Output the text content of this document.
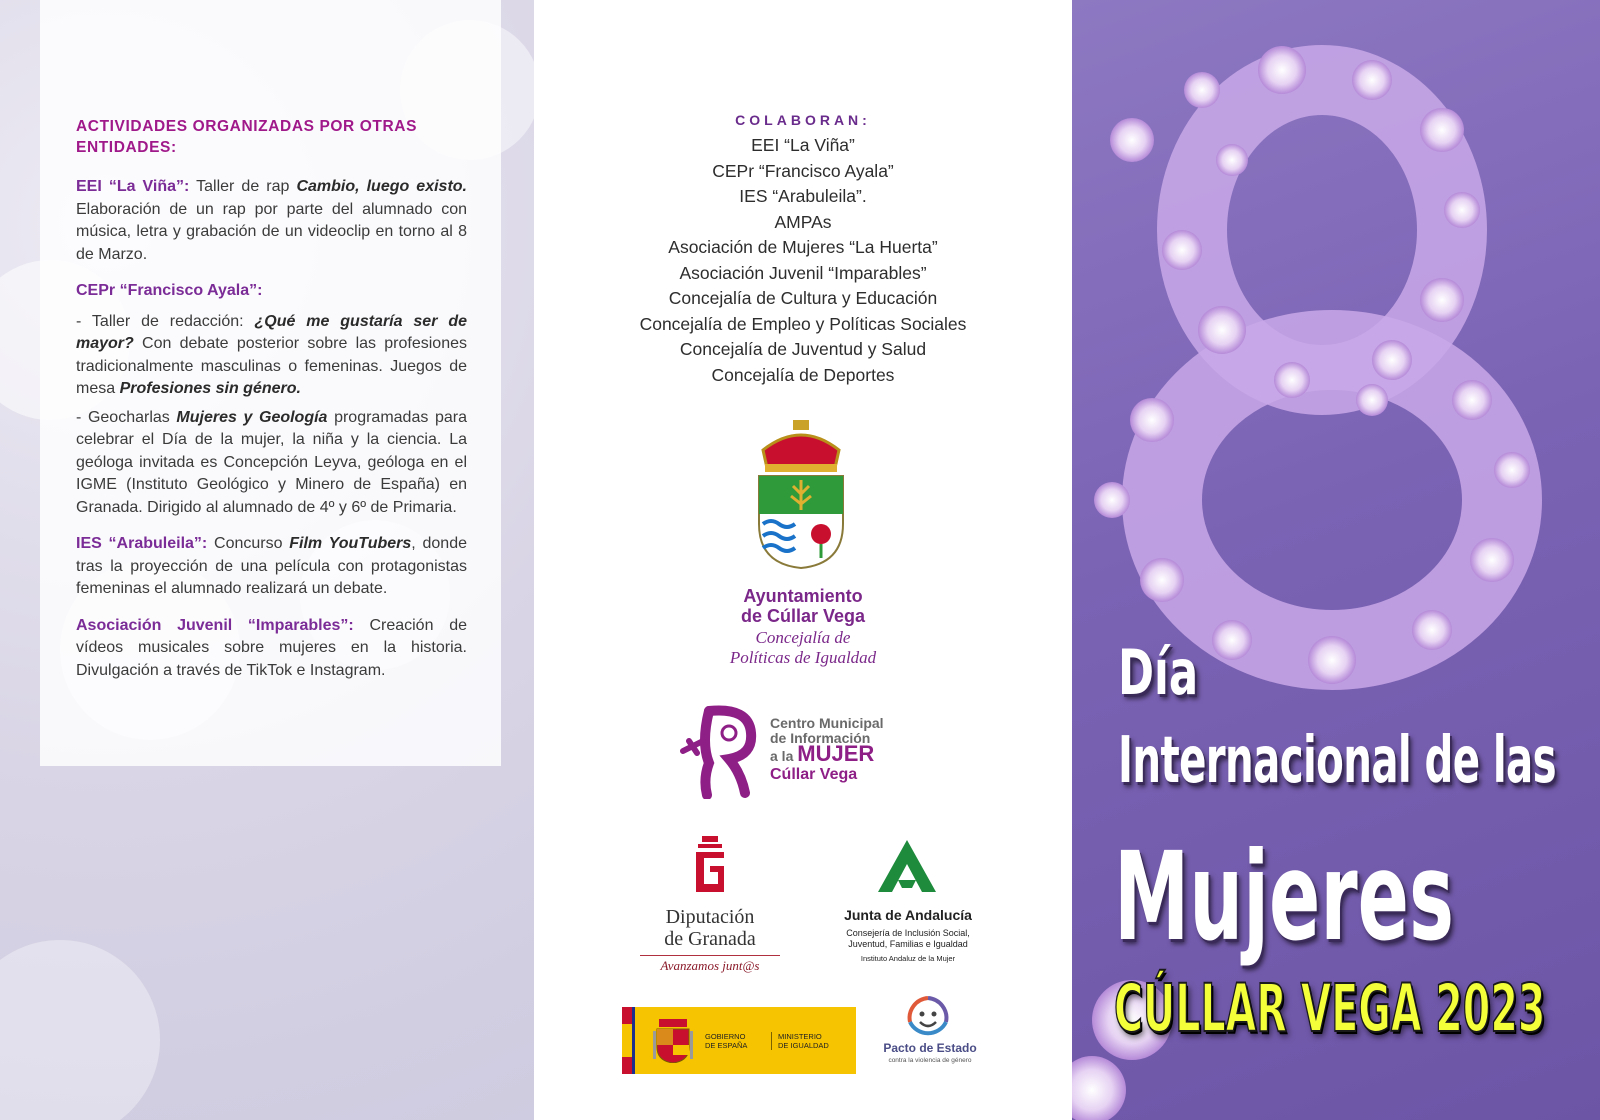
ACTIVIDADES ORGANIZADAS POR OTRAS ENTIDADES:

EEI “La Viña”: Taller de rap Cambio, luego existo. Elaboración de un rap por parte del alumnado con música, letra y grabación de un videoclip en torno al 8 de Marzo.

CEPr “Francisco Ayala”:

- Taller de redacción: ¿Qué me gustaría ser de mayor? Con debate posterior sobre las profesiones tradicionalmente masculinas o femeninas. Juegos de mesa Profesiones sin género.

- Geocharlas Mujeres y Geología programadas para celebrar el Día de la mujer, la niña y la ciencia. La geóloga invitada es Concepción Leyva, geóloga en el IGME (Instituto Geológico y Minero de España) en Granada. Dirigido al alumnado de 4º y 6º de Primaria.

IES “Arabuleila”: Concurso Film YouTubers, donde tras la proyección de una película con protagonistas femeninas el alumnado realizará un debate.

Asociación Juvenil “Imparables”: Creación de vídeos musicales sobre mujeres en la historia. Divulgación a través de TikTok e Instagram.

COLABORAN:
EEI “La Viña”
CEPr “Francisco Ayala”
IES “Arabuleila”.
AMPAs
Asociación de Mujeres “La Huerta”
Asociación Juvenil “Imparables”
Concejalía de Cultura y Educación
Concejalía de Empleo y Políticas Sociales
Concejalía de Juventud y Salud
Concejalía de Deportes
Ayuntamiento
de Cúllar Vega
Concejalía de
Políticas de Igualdad
Centro Municipal
de Información
a la MUJER
Cúllar Vega
Diputación
de Granada
Avanzamos junt@s
Junta de Andalucía
Consejería de Inclusión Social,
Juventud, Familias e Igualdad
Instituto Andaluz de la Mujer
GOBIERNO
DE ESPAÑA
MINISTERIO
DE IGUALDAD	Pacto de Estado
contra la violencia de género
Día
Internacional de las
Mujeres
CÚLLAR VEGA 2023
